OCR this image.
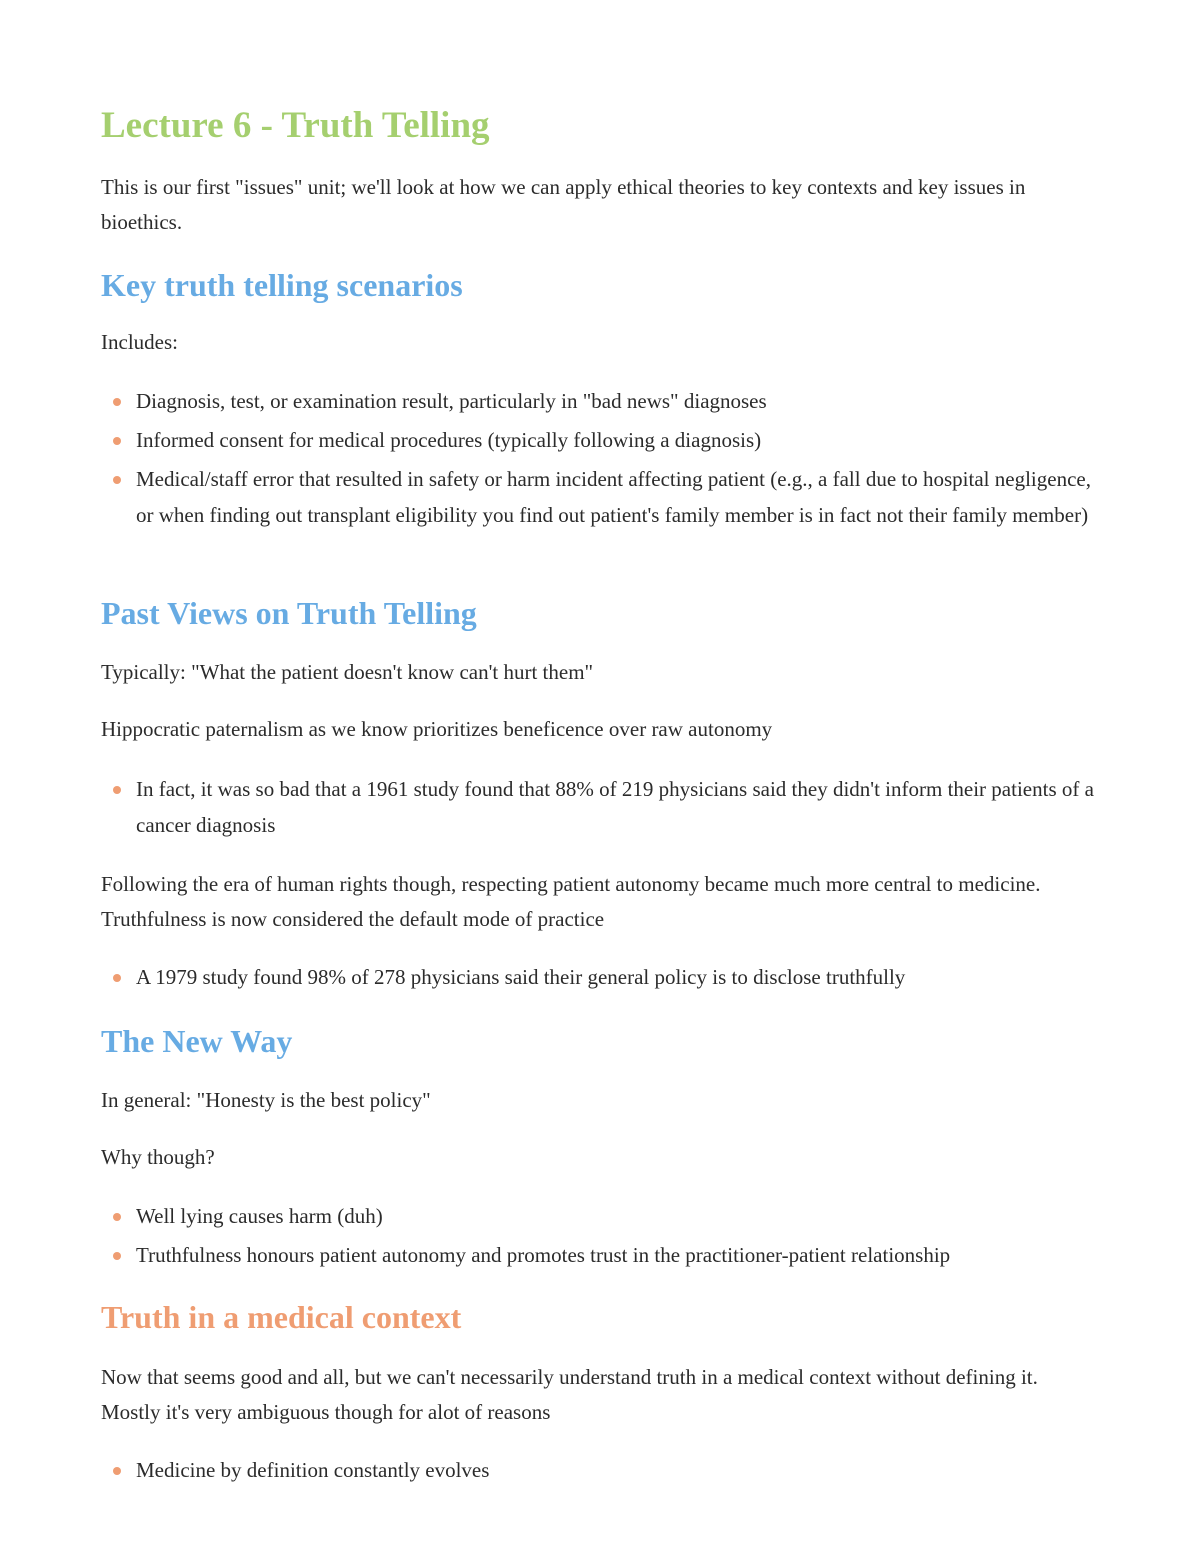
Lecture 6 - Truth Telling

This is our first "issues" unit; we'll look at how we can apply ethical theories to key contexts and key issues in bioethics.

Key truth telling scenarios

Includes:

Diagnosis, test, or examination result, particularly in "bad news" diagnoses
Informed consent for medical procedures (typically following a diagnosis)
Medical/staff error that resulted in safety or harm incident affecting patient (e.g., a fall due to hospital negligence, or when finding out transplant eligibility you find out patient's family member is in fact not their family member)
Past Views on Truth Telling

Typically: "What the patient doesn't know can't hurt them"

Hippocratic paternalism as we know prioritizes beneficence over raw autonomy

In fact, it was so bad that a 1961 study found that 88% of 219 physicians said they didn't inform their patients of a cancer diagnosis

Following the era of human rights though, respecting patient autonomy became much more central to medicine. Truthfulness is now considered the default mode of practice

A 1979 study found 98% of 278 physicians said their general policy is to disclose truthfully
The New Way

In general: "Honesty is the best policy"

Why though?

Well lying causes harm (duh)
Truthfulness honours patient autonomy and promotes trust in the practitioner-patient relationship
Truth in a medical context

Now that seems good and all, but we can't necessarily understand truth in a medical context without defining it. Mostly it's very ambiguous though for alot of reasons

Medicine by definition constantly evolves
